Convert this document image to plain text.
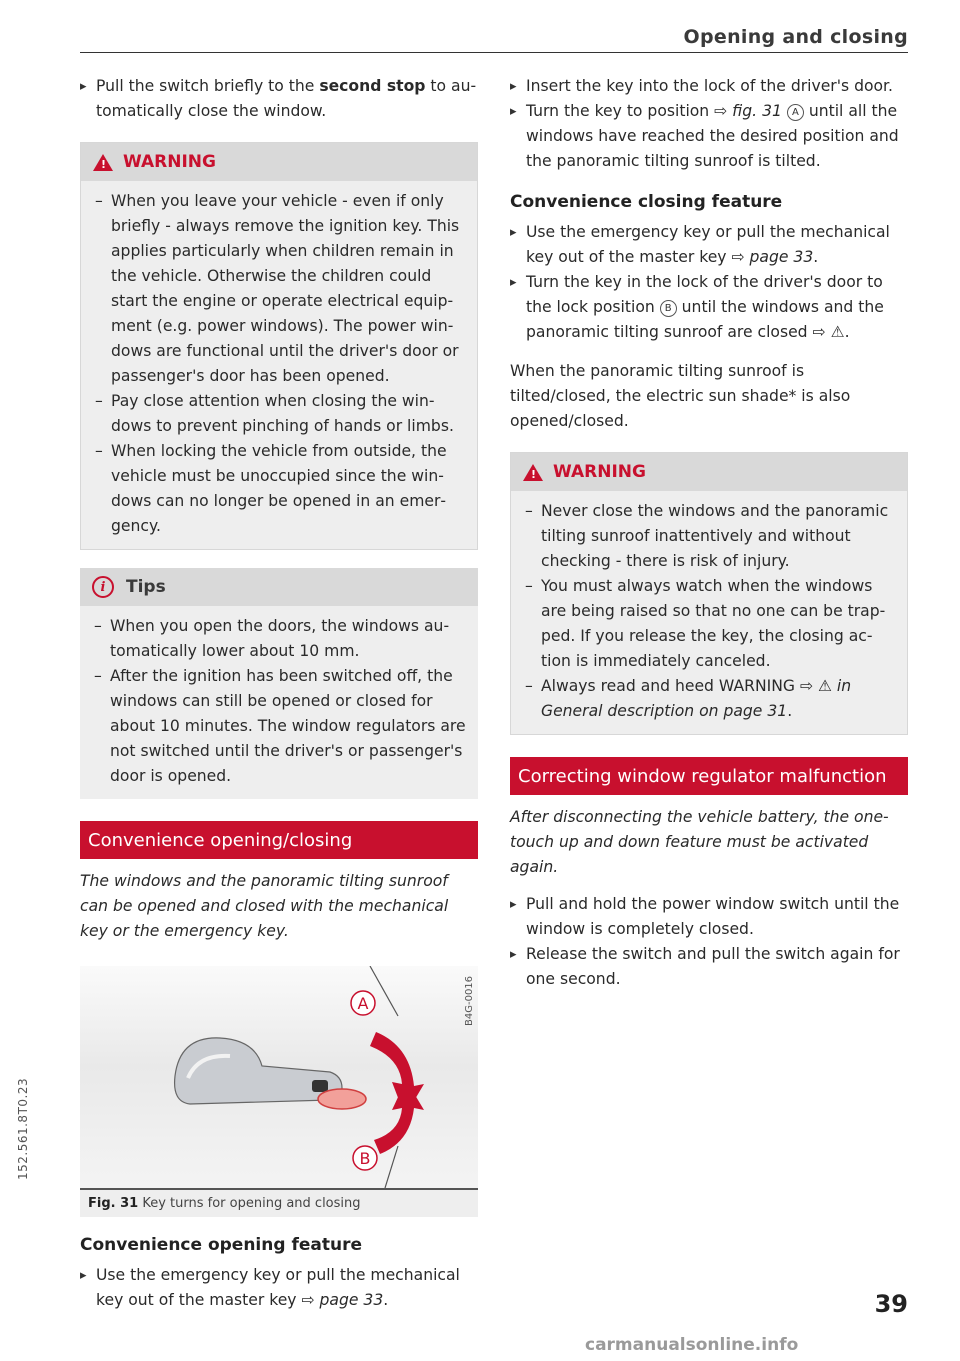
Opening and closing
▸ Pull the switch briefly to the second stop to automatically close the window.
! WARNING
– When you leave your vehicle - even if only briefly - always remove the ignition key. This applies particularly when children remain in the vehicle. Otherwise the children could start the engine or operate electrical equipment (e.g. power windows). The power windows are functional until the driver's door or passenger's door has been opened.
– Pay close attention when closing the windows to prevent pinching of hands or limbs.
– When locking the vehicle from outside, the vehicle must be unoccupied since the windows can no longer be opened in an emergency.
i	Tips
– When you open the doors, the windows automatically lower about 10 mm.
– After the ignition has been switched off, the windows can still be opened or closed for about 10 minutes. The window regulators are not switched until the driver's or passenger's door is opened.
Convenience opening/closing

The windows and the panoramic tilting sunroof can be opened and closed with the mechanical key or the emergency key.

A
B
B4G-0016
Fig. 31 Key turns for opening and closing
Convenience opening feature
▸ Use the emergency key or pull the mechanical key out of the master key ⇨ page 33.
▸ Insert the key into the lock of the driver's door.
▸ Turn the key to position ⇨ fig. 31 A until all the windows have reached the desired position and the panoramic tilting sunroof is tilted.
Convenience closing feature
▸ Use the emergency key or pull the mechanical key out of the master key ⇨ page 33.
▸ Turn the key in the lock of the driver's door to the lock position B until the windows and the panoramic tilting sunroof are closed ⇨ ⚠.

When the panoramic tilting sunroof is tilted/closed, the electric sun shade* is also opened/closed.

! WARNING
– Never close the windows and the panoramic tilting sunroof inattentively and without checking - there is risk of injury.
– You must always watch when the windows are being raised so that no one can be trapped. If you release the key, the closing action is immediately canceled.
– Always read and heed WARNING ⇨ ⚠ in General description on page 31.
Correcting window regulator malfunction

After disconnecting the vehicle battery, the one-touch up and down feature must be activated again.

▸ Pull and hold the power window switch until the window is completely closed.
▸ Release the switch and pull the switch again for one second.
152.561.8T0.23
39
carmanualsonline.info
